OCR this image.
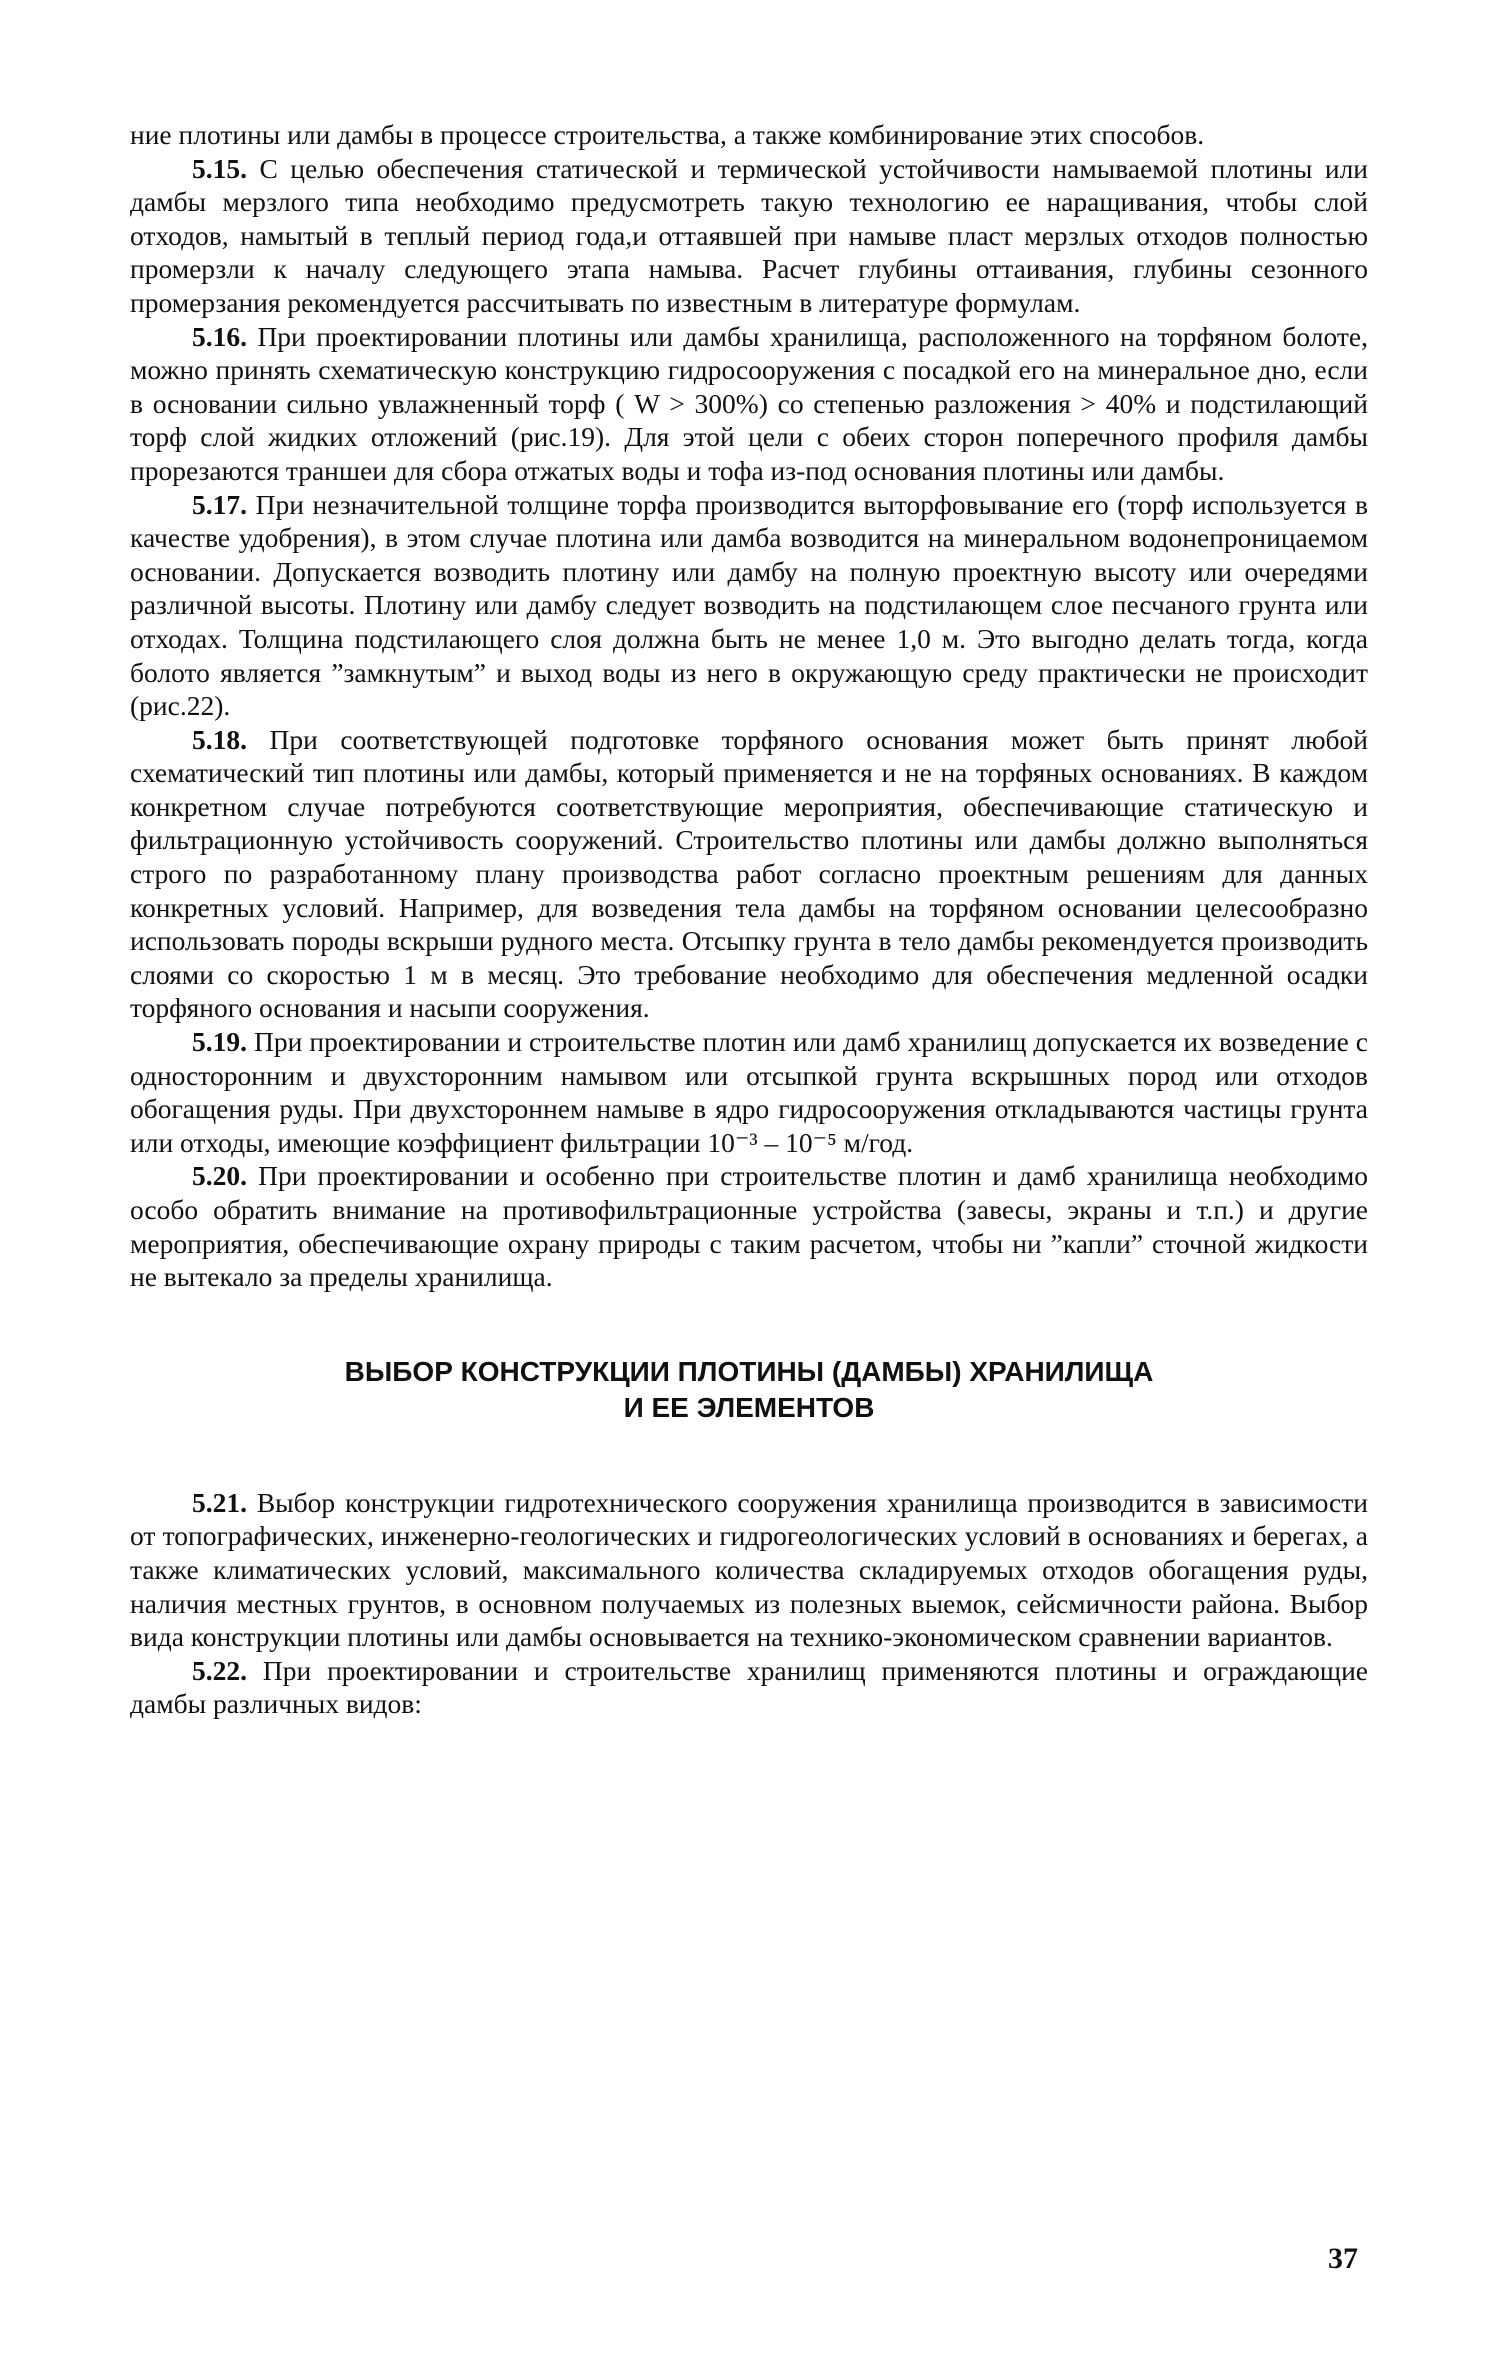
ние плотины или дамбы в процессе строительства, а также комбинирование этих способов.

5.15. С целью обеспечения статической и термической устойчивости намываемой плотины или дамбы мерзлого типа необходимо предусмотреть такую технологию ее наращивания, чтобы слой отходов, намытый в теплый период года,и оттаявшей при намыве пласт мерзлых отходов полностью промерзли к началу следующего этапа намыва. Расчет глубины оттаивания, глубины сезонного промерзания рекомендуется рассчитывать по известным в литературе формулам.

5.16. При проектировании плотины или дамбы хранилища, расположенного на торфяном болоте, можно принять схематическую конструкцию гидросооружения с посадкой его на минеральное дно, если в основании сильно увлажненный торф ( W > 300%) со степенью разложения > 40% и подстилающий торф слой жидких отложений (рис.19). Для этой цели с обеих сторон поперечного профиля дамбы прорезаются траншеи для сбора отжатых воды и тофа из-под основания плотины или дамбы.

5.17. При незначительной толщине торфа производится выторфовывание его (торф используется в качестве удобрения), в этом случае плотина или дамба возводится на минеральном водонепроницаемом основании. Допускается возводить плотину или дамбу на полную проектную высоту или очередями различной высоты. Плотину или дамбу следует возводить на подстилающем слое песчаного грунта или отходах. Толщина подстилающего слоя должна быть не менее 1,0 м. Это выгодно делать тогда, когда болото является ”замкнутым” и выход воды из него в окружающую среду практически не происходит (рис.22).

5.18. При соответствующей подготовке торфяного основания может быть принят любой схематический тип плотины или дамбы, который применяется и не на торфяных основаниях. В каждом конкретном случае потребуются соответствующие мероприятия, обеспечивающие статическую и фильтрационную устойчивость сооружений. Строительство плотины или дамбы должно выполняться строго по разработанному плану производства работ согласно проектным решениям для данных конкретных условий. Например, для возведения тела дамбы на торфяном основании целесообразно использовать породы вскрыши рудного места. Отсыпку грунта в тело дамбы рекомендуется производить слоями со скоростью 1 м в месяц. Это требование необходимо для обеспечения медленной осадки торфяного основания и насыпи сооружения.

5.19. При проектировании и строительстве плотин или дамб хранилищ допускается их возведение с односторонним и двухсторонним намывом или отсыпкой грунта вскрышных пород или отходов обогащения руды. При двухстороннем намыве в ядро гидросооружения откладываются частицы грунта или отходы, имеющие коэффициент фильтрации 10⁻³ – 10⁻⁵ м/год.

5.20. При проектировании и особенно при строительстве плотин и дамб хранилища необходимо особо обратить внимание на противофильтрационные устройства (завесы, экраны и т.п.) и другие мероприятия, обеспечивающие охрану природы с таким расчетом, чтобы ни ”капли” сточной жидкости не вытекало за пределы хранилища.

ВЫБОР КОНСТРУКЦИИ ПЛОТИНЫ (ДАМБЫ) ХРАНИЛИЩА
И ЕЕ ЭЛЕМЕНТОВ

5.21. Выбор конструкции гидротехнического сооружения хранилища производится в зависимости от топографических, инженерно-геологических и гидрогеологических условий в основаниях и берегах, а также климатических условий, максимального количества складируемых отходов обогащения руды, наличия местных грунтов, в основном получаемых из полезных выемок, сейсмичности района. Выбор вида конструкции плотины или дамбы основывается на технико-экономическом сравнении вариантов.

5.22. При проектировании и строительстве хранилищ применяются плотины и ограждающие дамбы различных видов:

37
